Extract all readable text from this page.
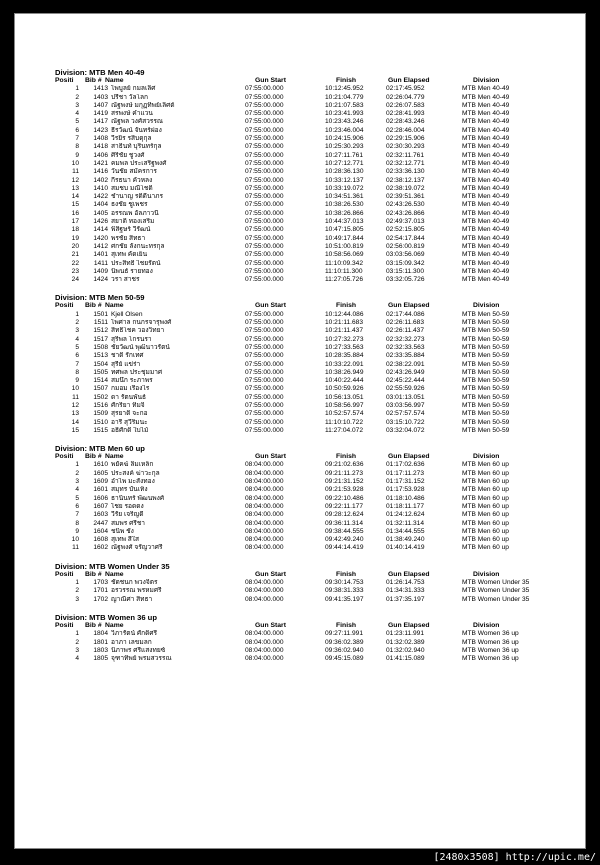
Division: MTB Men 40-49
Positi	Bib # Name	Gun Start	Finish	Gun Elapsed	Division
1	1413 ไพบูลย์ กมลเลิศ	07:55:00.000	10:12:45.952	02:17:45.952	MTB Men 40-49
2	1403 ปรีชา วัลโลก	07:55:00.000	10:21:04.779	02:26:04.779	MTB Men 40-49
3	1407 ณัฐพงษ์ มกุฏทิพย์เลิศต์	07:55:00.000	10:21:07.583	02:26:07.583	MTB Men 40-49
4	1419 สรพงษ์ คำแวน	07:55:00.000	10:23:41.993	02:28:41.993	MTB Men 40-49
5	1417 ณัฐพล วงศ์สวรรณ	07:55:00.000	10:23:43.246	02:28:43.246	MTB Men 40-49
6	1423 ธีรวัฒน์ จันทร์ผ่อง	07:55:00.000	10:23:46.004	02:28:46.004	MTB Men 40-49
7	1408 วีรยิ่ร รสิบดุกุล	07:55:00.000	10:24:15.906	02:29:15.906	MTB Men 40-49
8	1418 สาธินท์ บุรินทร์กุล	07:55:00.000	10:25:30.293	02:30:30.293	MTB Men 40-49
9	1406 ศิริชัย ชูวงศ์	07:55:00.000	10:27:11.761	02:32:11.761	MTB Men 40-49
10	1421 คมพล ประเสริฐพงศ์	07:55:00.000	10:27:12.771	02:32:12.771	MTB Men 40-49
11	1416 วันชัย สมัครการ	07:55:00.000	10:28:36.130	02:33:36.130	MTB Men 40-49
12	1402 กีรธนา คัวหลง	07:55:00.000	10:33:12.137	02:38:12.137	MTB Men 40-49
13	1410 สมชบ มณีโชติ	07:55:00.000	10:33:19.072	02:38:19.072	MTB Men 40-49
14	1422 ชำนาญ รติดีนาภร	07:55:00.000	10:34:51.361	02:39:51.361	MTB Men 40-49
15	1404 ธงชัย ชูเพชร	07:55:00.000	10:38:26.530	02:43:26.530	MTB Men 40-49
16	1405 อรรณพ อัลภาวนี	07:55:00.000	10:38:26.866	02:43:26.866	MTB Men 40-49
17	1426 สยาติ ทองเสริม	07:55:00.000	10:44:37.013	02:49:37.013	MTB Men 40-49
18	1414 พิสิฐษร์ วีรัฒน์	07:55:00.000	10:47:15.805	02:52:15.805	MTB Men 40-49
19	1420 พรชัย สิทธา	07:55:00.000	10:49:17.844	02:54:17.844	MTB Men 40-49
20	1412 ศกชัย ลังกนะทรกุล	07:55:00.000	10:51:00.819	02:56:00.819	MTB Men 40-49
21	1401 สุเทพ คัดเย็น	07:55:00.000	10:58:56.069	03:03:56.069	MTB Men 40-49
22	1411 ประสิทธิ์ ไชยรัตน์	07:55:00.000	11:10:09.342	03:15:09.342	MTB Men 40-49
23	1409 นิพนธ์ รายทอง	07:55:00.000	11:10:11.300	03:15:11.300	MTB Men 40-49
24	1424 วรา สาชร	07:55:00.000	11:27:05.726	03:32:05.726	MTB Men 40-49
Division: MTB Men 50-59
Positi	Bib # Name	Gun Start	Finish	Gun Elapsed	Division
1	1501 Kjell Olsen	07:55:00.000	10:12:44.086	02:17:44.086	MTB Men 50-59
2	1511 ไพศาล กนกรจารุพงศ์	07:55:00.000	10:21:11.683	02:26:11.683	MTB Men 50-59
3	1512 สิทธิโชค วองวิทยา	07:55:00.000	10:21:11.437	02:26:11.437	MTB Men 50-59
4	1517 สุริพล โกรนรา	07:55:00.000	10:27:32.273	02:32:32.273	MTB Men 50-59
5	1508 ชัยวัฒน์ พุฒินาวรัตน์	07:55:00.000	10:27:33.563	02:32:33.563	MTB Men 50-59
6	1513 ชาติ รักเทศ	07:55:00.000	10:28:35.884	02:33:35.884	MTB Men 50-59
7	1504 สุรีย์ แข่ร่า	07:55:00.000	10:33:22.091	02:38:22.091	MTB Men 50-59
8	1505 ทศพล ประชุมมาศ	07:55:00.000	10:38:26.949	02:43:26.949	MTB Men 50-59
9	1514 สมนึก ระภาพร	07:55:00.000	10:40:22.444	02:45:22.444	MTB Men 50-59
10	1507 กมอม เรืองไร	07:55:00.000	10:50:59.926	02:55:59.926	MTB Men 50-59
11	1502 ดา รัตนพันธ์	07:55:00.000	10:56:13.051	03:01:13.051	MTB Men 50-59
12	1516 ศักริยา ทิมจิ	07:55:00.000	10:58:56.997	03:03:56.997	MTB Men 50-59
13	1509 สุรยาติ จะกอ	07:55:00.000	10:52:57.574	02:57:57.574	MTB Men 50-59
14	1510 อารี สุวีริมนะ	07:55:00.000	11:10:10.722	03:15:10.722	MTB Men 50-59
15	1515 อธิศักดิ์ ใบไม้	07:55:00.000	11:27:04.072	03:32:04.072	MTB Men 50-59
Division: MTB Men 60 up
Positi	Bib # Name	Gun Start	Finish	Gun Elapsed	Division
1	1610 พยัคฆ์ ลิ้มเหล็ก	08:04:00.000	09:21:02.636	01:17:02.636	MTB Men 60 up
2	1605 ประสงค์ ฆ่าวะกุล	08:04:00.000	09:21:11.273	01:17:11.273	MTB Men 60 up
3	1609 อำไพ มะสังทอง	08:04:00.000	09:21:31.152	01:17:31.152	MTB Men 60 up
4	1601 สมุทร บันเท็ง	08:04:00.000	09:21:53.928	01:17:53.928	MTB Men 60 up
5	1606 ธานินทร์ พัฒนพงศ์	08:04:00.000	09:22:10.486	01:18:10.486	MTB Men 60 up
6	1607 ไชย รอดดง	08:04:00.000	09:22:11.177	01:18:11.177	MTB Men 60 up
7	1603 วีรัย เจริญดี	08:04:00.000	09:28:12.624	01:24:12.624	MTB Men 60 up
8	2447 สมพร ศรีชา	08:04:00.000	09:36:11.314	01:32:11.314	MTB Men 60 up
9	1604 ชนิพ ชัง	08:04:00.000	09:38:44.555	01:34:44.555	MTB Men 60 up
10	1608 สุเทพ สีใส	08:04:00.000	09:42:49.240	01:38:49.240	MTB Men 60 up
11	1602 ณัฐพงศ์ จรัญวาศรี	08:04:00.000	09:44:14.419	01:40:14.419	MTB Men 60 up
Division: MTB Women Under 35
Positi	Bib # Name	Gun Start	Finish	Gun Elapsed	Division
1	1703 ชัดชนก พวงจิตร	08:04:00.000	09:30:14.753	01:26:14.753	MTB Women Under 35
2	1701 อรวรรณ พรหมศรี	08:04:00.000	09:38:31.333	01:34:31.333	MTB Women Under 35
3	1702 ญาณีศา สิทธา	08:04:00.000	09:41:35.197	01:37:35.197	MTB Women Under 35
Division: MTB Women 36 up
Positi	Bib # Name	Gun Start	Finish	Gun Elapsed	Division
1	1804 วิภารัตน์ ศักดิ์ศรี	08:04:00.000	09:27:11.991	01:23:11.991	MTB Women 36 up
2	1801 อาภา เลขมลก	08:04:00.000	09:36:02.389	01:32:02.389	MTB Women 36 up
3	1803 นิภาพร ศรีแสงทยซ์	08:04:00.000	09:36:02.940	01:32:02.940	MTB Women 36 up
4	1805 จุฑาทิพย์ พรมสวรรณ	08:04:00.000	09:45:15.089	01:41:15.089	MTB Women 36 up
[2480x3508] http://upic.me/
